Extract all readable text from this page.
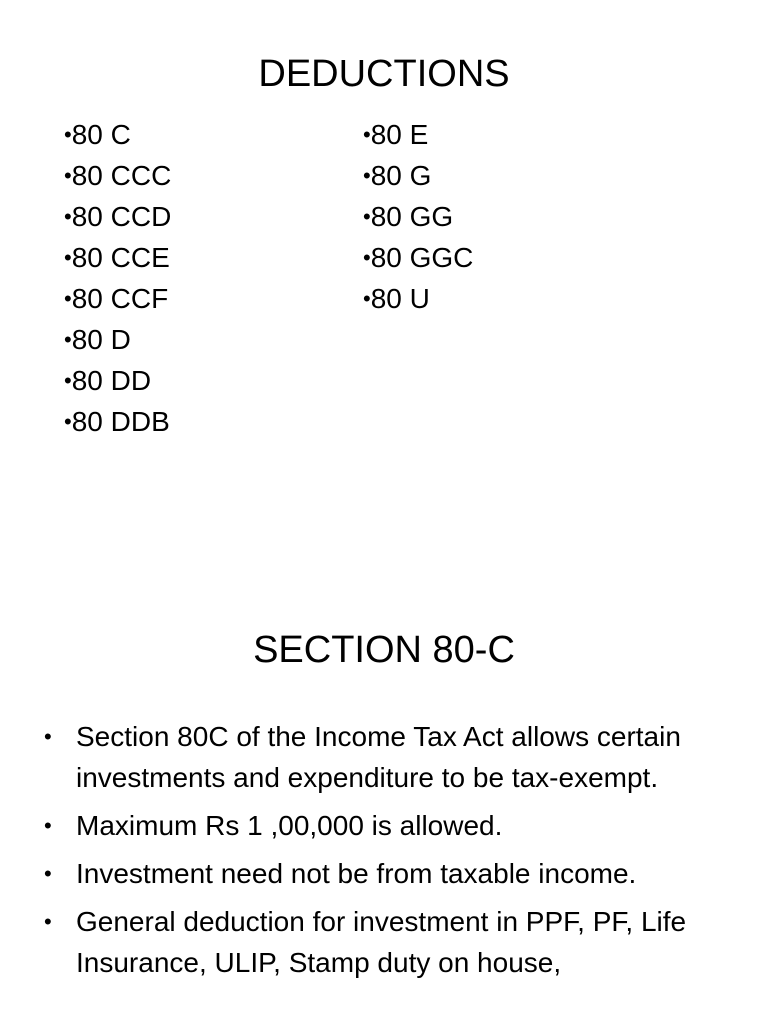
DEDUCTIONS
•80 C
•80 CCC
•80 CCD
•80 CCE
•80 CCF
•80 D
•80 DD
•80 DDB
•80 E
•80 G
•80 GG
•80 GGC
•80 U
SECTION 80-C
• Section 80C of the Income Tax Act allows certain investments and expenditure to be tax-exempt.
• Maximum Rs 1 ,00,000 is allowed.
• Investment need not be from taxable income.
• General deduction for investment in PPF, PF, Life Insurance, ULIP, Stamp duty on house,
